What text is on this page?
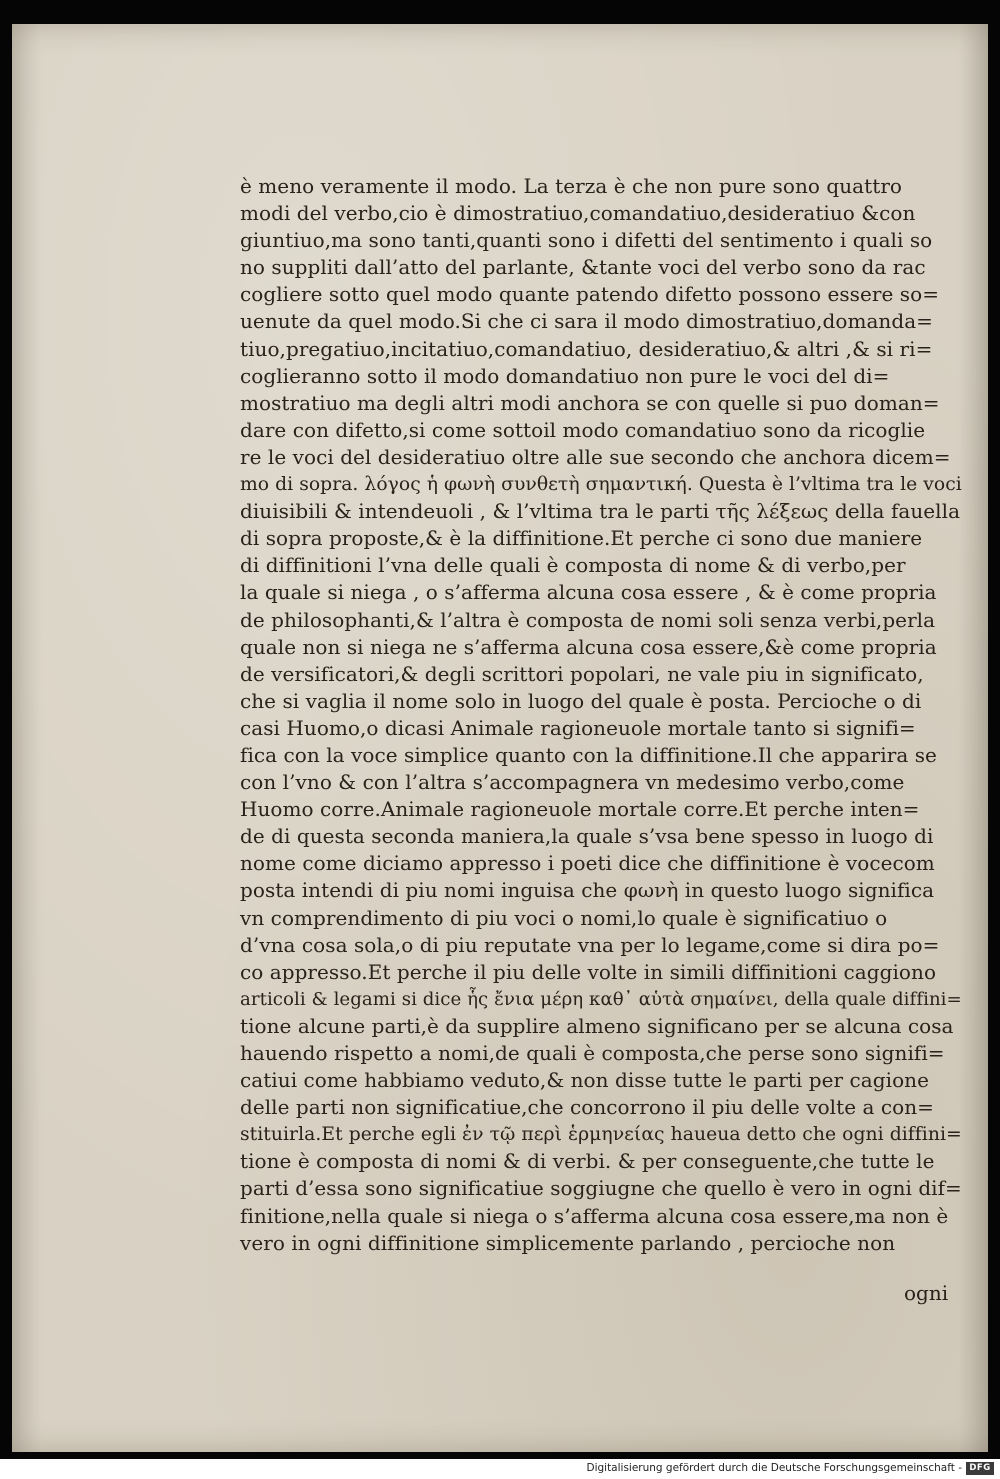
è meno veramente il modo. La terza è che non pure sono quattro
modi del verbo,cio è dimostratiuo,comandatiuo,desideratiuo &con
giuntiuo,ma sono tanti,quanti sono i difetti del sentimento i quali so
no suppliti dall’atto del parlante, &tante voci del verbo sono da rac
cogliere sotto quel modo quante patendo difetto possono essere so=
uenute da quel modo.Si che ci sara il modo dimostratiuo,domanda=
tiuo,pregatiuo,incitatiuo,comandatiuo, desideratiuo,& altri ,& si ri=
coglieranno sotto il modo domandatiuo non pure le voci del di=
mostratiuo ma degli altri modi anchora se con quelle si puo doman=
dare con difetto,si come sottoil modo comandatiuo sono da ricoglie
re le voci del desideratiuo oltre alle sue secondo che anchora dicem=
mo di sopra. λόγος ἡ φωνὴ συνθετὴ σημαντική. Questa è l’vltima tra le voci
diuisibili & intendeuoli , & l’vltima tra le parti τῆς λέξεως della fauella
di sopra proposte,& è la diffinitione.Et perche ci sono due maniere
di diffinitioni l’vna delle quali è composta di nome & di verbo,per
la quale si niega , o s’afferma alcuna cosa essere , & è come propria
de philosophanti,& l’altra è composta de nomi soli senza verbi,perla
quale non si niega ne s’afferma alcuna cosa essere,&è come propria
de versificatori,& degli scrittori popolari, ne vale piu in significato,
che si vaglia il nome solo in luogo del quale è posta. Percioche o di
casi Huomo,o dicasi Animale ragioneuole mortale tanto si signifi=
fica con la voce simplice quanto con la diffinitione.Il che apparira se
con l’vno & con l’altra s’accompagnera vn medesimo verbo,come
Huomo corre.Animale ragioneuole mortale corre.Et perche inten=
de di questa seconda maniera,la quale s’vsa bene spesso in luogo di
nome come diciamo appresso i poeti dice che diffinitione è vocecom
posta intendi di piu nomi inguisa che φωνὴ in questo luogo significa
vn comprendimento di piu voci o nomi,lo quale è significatiuo o
d’vna cosa sola,o di piu reputate vna per lo legame,come si dira po=
co appresso.Et perche il piu delle volte in simili diffinitioni caggiono
articoli & legami si dice ἧς ἔνια μέρη καθ᾽ αὑτὰ σημαίνει, della quale diffini=
tione alcune parti,è da supplire almeno significano per se alcuna cosa
hauendo rispetto a nomi,de quali è composta,che perse sono signifi=
catiui come habbiamo veduto,& non disse tutte le parti per cagione
delle parti non significatiue,che concorrono il piu delle volte a con=
stituirla.Et perche egli ἐν τῷ περὶ ἑρμηνείας haueua detto che ogni diffini=
tione è composta di nomi & di verbi. & per conseguente,che tutte le
parti d’essa sono significatiue soggiugne che quello è vero in ogni dif=
finitione,nella quale si niega o s’afferma alcuna cosa essere,ma non è
vero in ogni diffinitione simplicemente parlando , percioche non
ogni
Digitalisierung gefördert durch die Deutsche Forschungsgemeinschaft - DFG
